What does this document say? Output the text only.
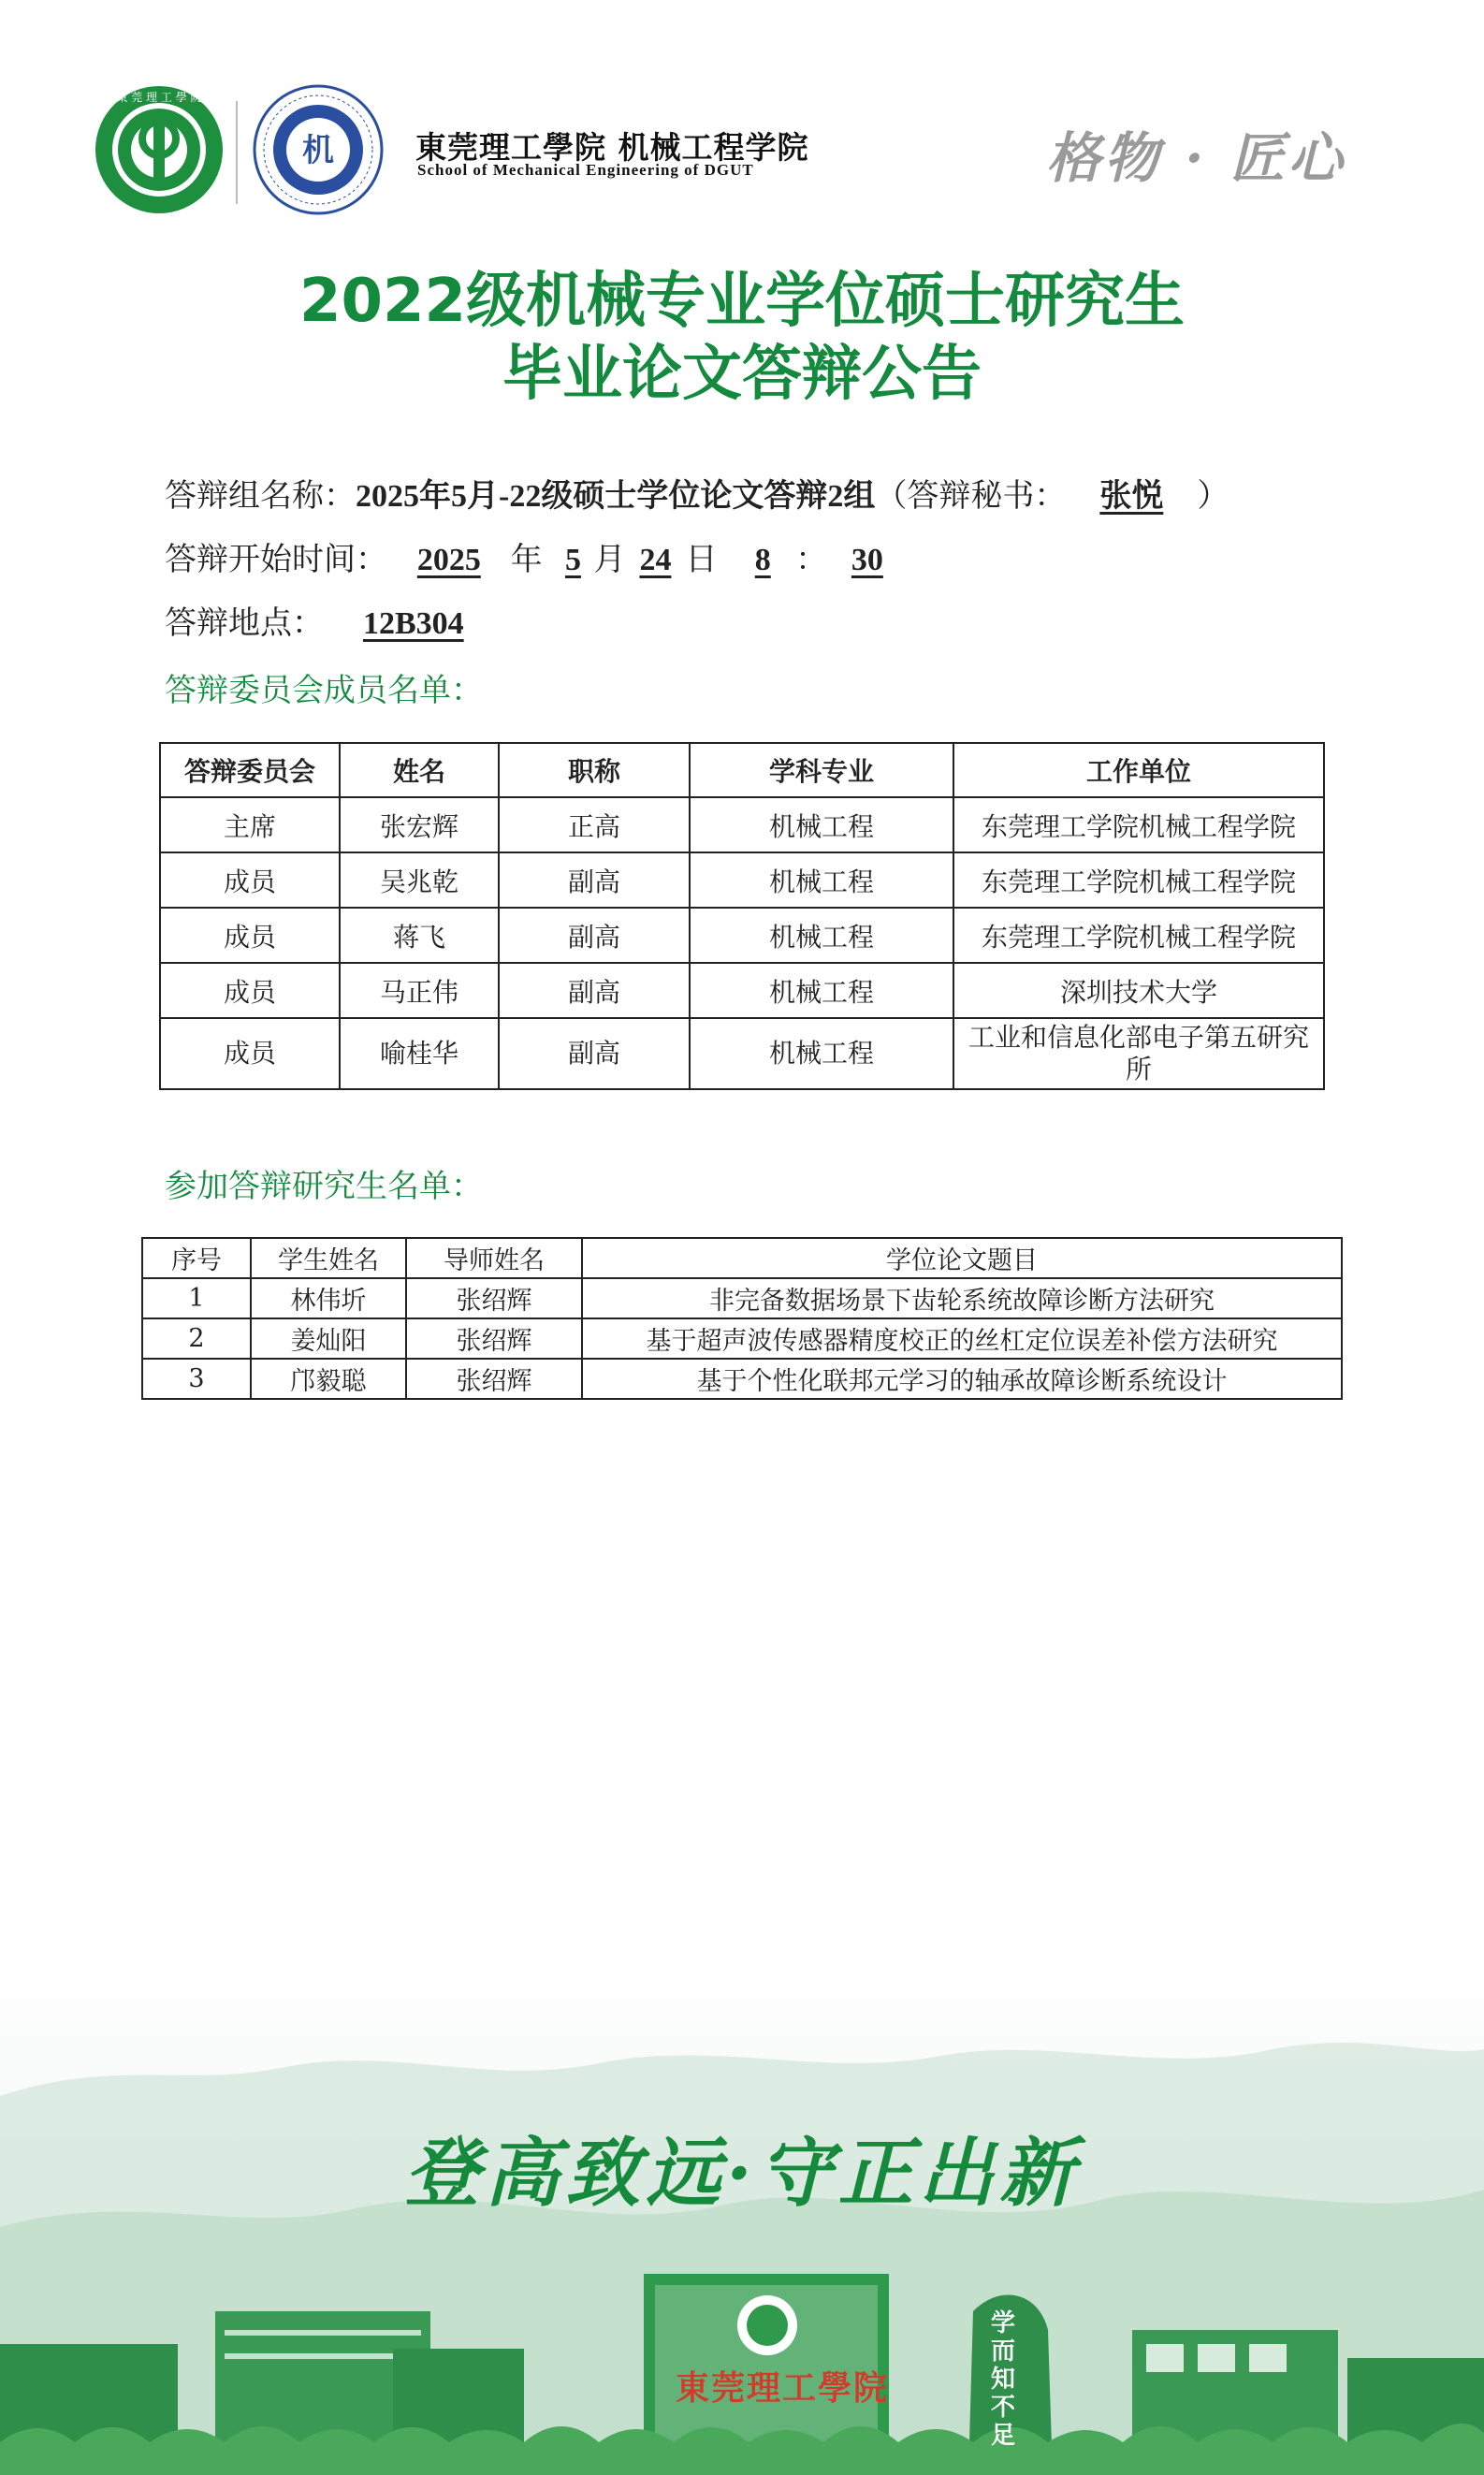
東 莞 理 工 學 院
机	東莞理工學院 机械工程学院
School of Mechanical Engineering of DGUT	格物 · 匠心
2022级机械专业学位硕士研究生
毕业论文答辩公告
答辩组名称：2025年5月-22级硕士学位论文答辩2组（答辩秘书： 张悦 ）
答辩开始时间： 2025 年 5 月 24 日 8 ： 30
答辩地点： 12B304
答辩委员会成员名单：
答辩委员会	姓名	职称	学科专业	工作单位
主席	张宏辉	正高	机械工程	东莞理工学院机械工程学院
成员	吴兆乾	副高	机械工程	东莞理工学院机械工程学院
成员	蒋飞	副高	机械工程	东莞理工学院机械工程学院
成员	马正伟	副高	机械工程	深圳技术大学
成员	喻桂华	副高	机械工程	工业和信息化部电子第五研究所
参加答辩研究生名单：
序号	学生姓名	导师姓名	学位论文题目
1	林伟圻	张绍辉	非完备数据场景下齿轮系统故障诊断方法研究
2	姜灿阳	张绍辉	基于超声波传感器精度校正的丝杠定位误差补偿方法研究
3	邝毅聪	张绍辉	基于个性化联邦元学习的轴承故障诊断系统设计
登高致远·守正出新
東莞理工學院
学而知不足
